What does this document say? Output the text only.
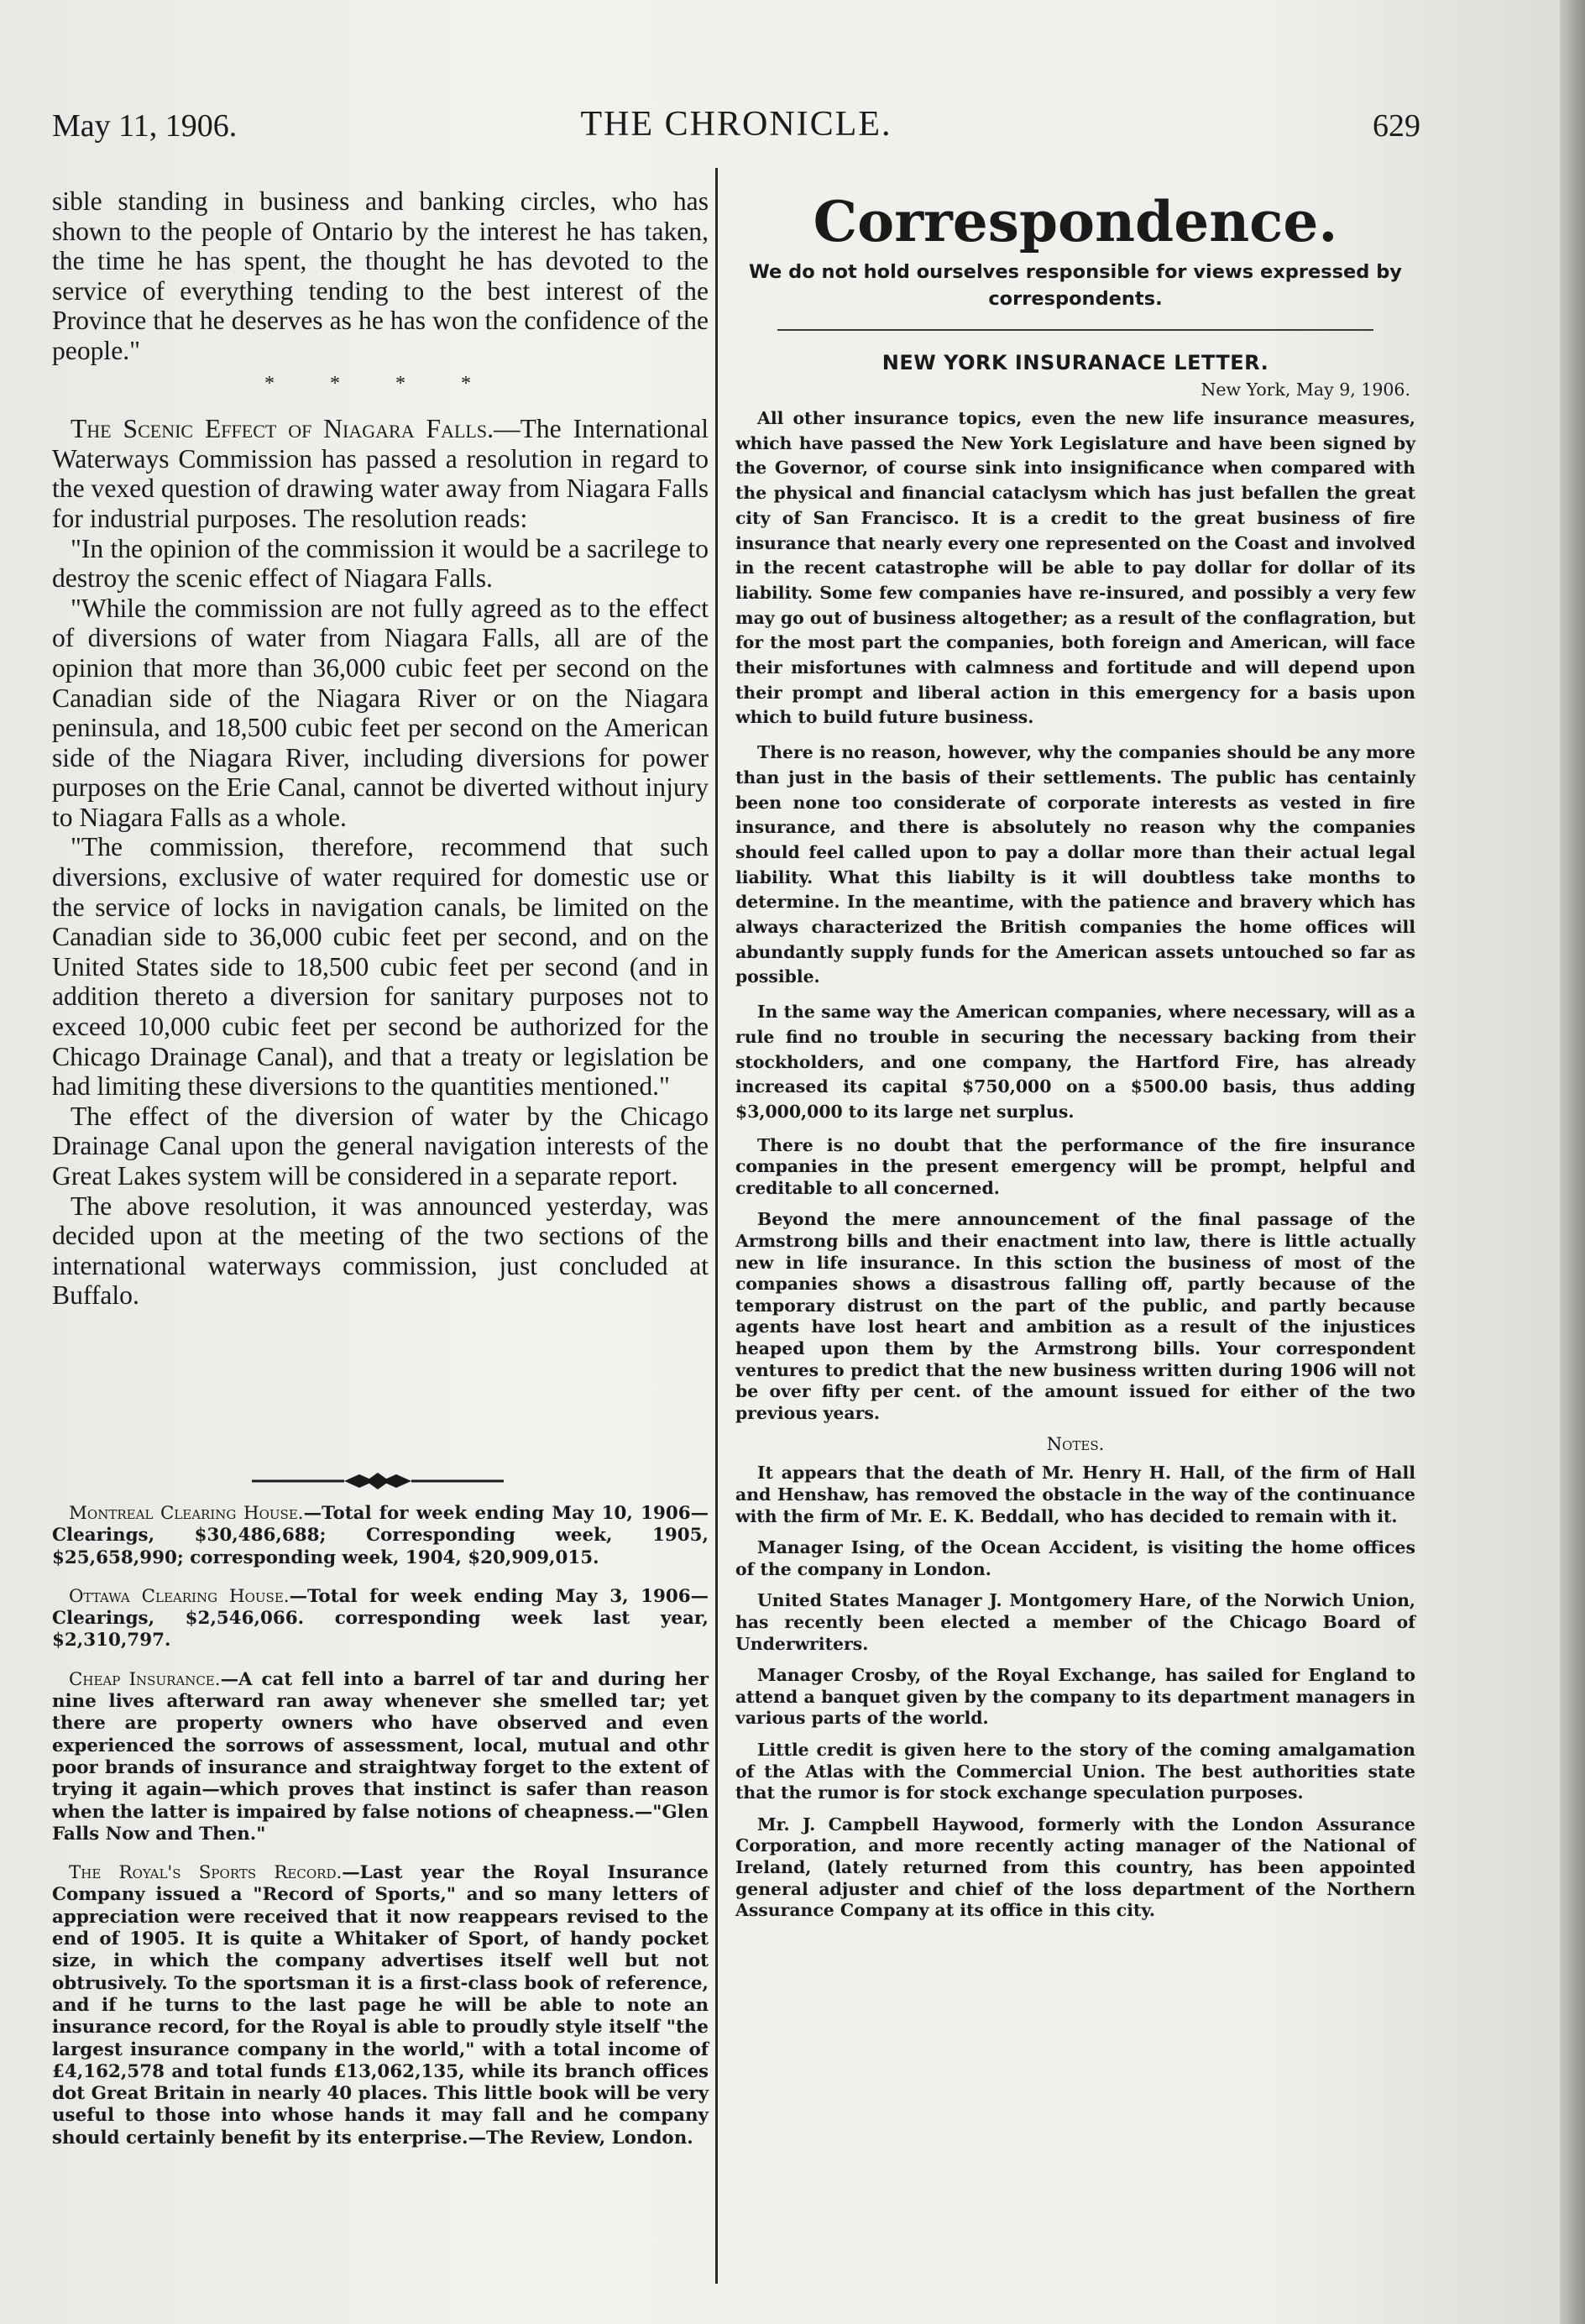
May 11, 1906.	THE CHRONICLE.	629

sible standing in business and banking circles, who has shown to the people of Ontario by the interest he has taken, the time he has spent, the thought he has devoted to the service of everything tending to the best interest of the Province that he deserves as he has won the confidence of the people."

* * * *

The Scenic Effect of Niagara Falls.—The International Waterways Commission has passed a resolution in regard to the vexed question of drawing water away from Niagara Falls for industrial purposes. The resolution reads:

"In the opinion of the commission it would be a sacrilege to destroy the scenic effect of Niagara Falls.

"While the commission are not fully agreed as to the effect of diversions of water from Niagara Falls, all are of the opinion that more than 36,000 cubic feet per second on the Canadian side of the Niagara River or on the Niagara peninsula, and 18,500 cubic feet per second on the American side of the Niagara River, including diversions for power purposes on the Erie Canal, cannot be diverted without injury to Niagara Falls as a whole.

"The commission, therefore, recommend that such diversions, exclusive of water required for domestic use or the service of locks in navigation canals, be limited on the Canadian side to 36,000 cubic feet per second, and on the United States side to 18,500 cubic feet per second (and in addition thereto a diversion for sanitary purposes not to exceed 10,000 cubic feet per second be authorized for the Chicago Drainage Canal), and that a treaty or legislation be had limiting these diversions to the quantities mentioned."

The effect of the diversion of water by the Chicago Drainage Canal upon the general navigation interests of the Great Lakes system will be considered in a separate report.

The above resolution, it was announced yesterday, was decided upon at the meeting of the two sections of the international waterways commission, just concluded at Buffalo.

Montreal Clearing House.—Total for week ending May 10, 1906—Clearings, $30,486,688; Corresponding week, 1905, $25,658,990; corresponding week, 1904, $20,909,015.

Ottawa Clearing House.—Total for week ending May 3, 1906—Clearings, $2,546,066. corresponding week last year, $2,310,797.

Cheap Insurance.—A cat fell into a barrel of tar and during her nine lives afterward ran away whenever she smelled tar; yet there are property owners who have observed and even experienced the sorrows of assessment, local, mutual and othr poor brands of insurance and straightway forget to the extent of trying it again—which proves that instinct is safer than reason when the latter is impaired by false notions of cheapness.—"Glen Falls Now and Then."

The Royal's Sports Record.—Last year the Royal Insurance Company issued a "Record of Sports," and so many letters of appreciation were received that it now reappears revised to the end of 1905. It is quite a Whitaker of Sport, of handy pocket size, in which the company advertises itself well but not obtrusively. To the sportsman it is a first-class book of reference, and if he turns to the last page he will be able to note an insurance record, for the Royal is able to proudly style itself "the largest insurance company in the world," with a total income of £4,162,578 and total funds £13,062,135, while its branch offices dot Great Britain in nearly 40 places. This little book will be very useful to those into whose hands it may fall and he company should certainly benefit by its enterprise.—The Review, London.

Correspondence.
We do not hold ourselves responsible for views expressed by correspondents.
NEW YORK INSURANACE LETTER.
New York, May 9, 1906.

All other insurance topics, even the new life insurance measures, which have passed the New York Legislature and have been signed by the Governor, of course sink into insignificance when compared with the physical and financial cataclysm which has just befallen the great city of San Francisco. It is a credit to the great business of fire insurance that nearly every one represented on the Coast and involved in the recent catastrophe will be able to pay dollar for dollar of its liability. Some few companies have re-insured, and possibly a very few may go out of business altogether; as a result of the conflagration, but for the most part the companies, both foreign and American, will face their misfortunes with calmness and fortitude and will depend upon their prompt and liberal action in this emergency for a basis upon which to build future business.

There is no reason, however, why the companies should be any more than just in the basis of their settlements. The public has centainly been none too considerate of corporate interests as vested in fire insurance, and there is absolutely no reason why the companies should feel called upon to pay a dollar more than their actual legal liability. What this liabilty is it will doubtless take months to determine. In the meantime, with the patience and bravery which has always characterized the British companies the home offices will abundantly supply funds for the American assets untouched so far as possible.

In the same way the American companies, where necessary, will as a rule find no trouble in securing the necessary backing from their stockholders, and one company, the Hartford Fire, has already increased its capital $750,000 on a $500.00 basis, thus adding $3,000,000 to its large net surplus.

There is no doubt that the performance of the fire insurance companies in the present emergency will be prompt, helpful and creditable to all concerned.

Beyond the mere announcement of the final passage of the Armstrong bills and their enactment into law, there is little actually new in life insurance. In this sction the business of most of the companies shows a disastrous falling off, partly because of the temporary distrust on the part of the public, and partly because agents have lost heart and ambition as a result of the injustices heaped upon them by the Armstrong bills. Your correspondent ventures to predict that the new business written during 1906 will not be over fifty per cent. of the amount issued for either of the two previous years.

Notes.

It appears that the death of Mr. Henry H. Hall, of the firm of Hall and Henshaw, has removed the obstacle in the way of the continuance with the firm of Mr. E. K. Beddall, who has decided to remain with it.

Manager Ising, of the Ocean Accident, is visiting the home offices of the company in London.

United States Manager J. Montgomery Hare, of the Norwich Union, has recently been elected a member of the Chicago Board of Underwriters.

Manager Crosby, of the Royal Exchange, has sailed for England to attend a banquet given by the company to its department managers in various parts of the world.

Little credit is given here to the story of the coming amalgamation of the Atlas with the Commercial Union. The best authorities state that the rumor is for stock exchange speculation purposes.

Mr. J. Campbell Haywood, formerly with the London Assurance Corporation, and more recently acting manager of the National of Ireland, (lately returned from this country, has been appointed general adjuster and chief of the loss department of the Northern Assurance Company at its office in this city.
